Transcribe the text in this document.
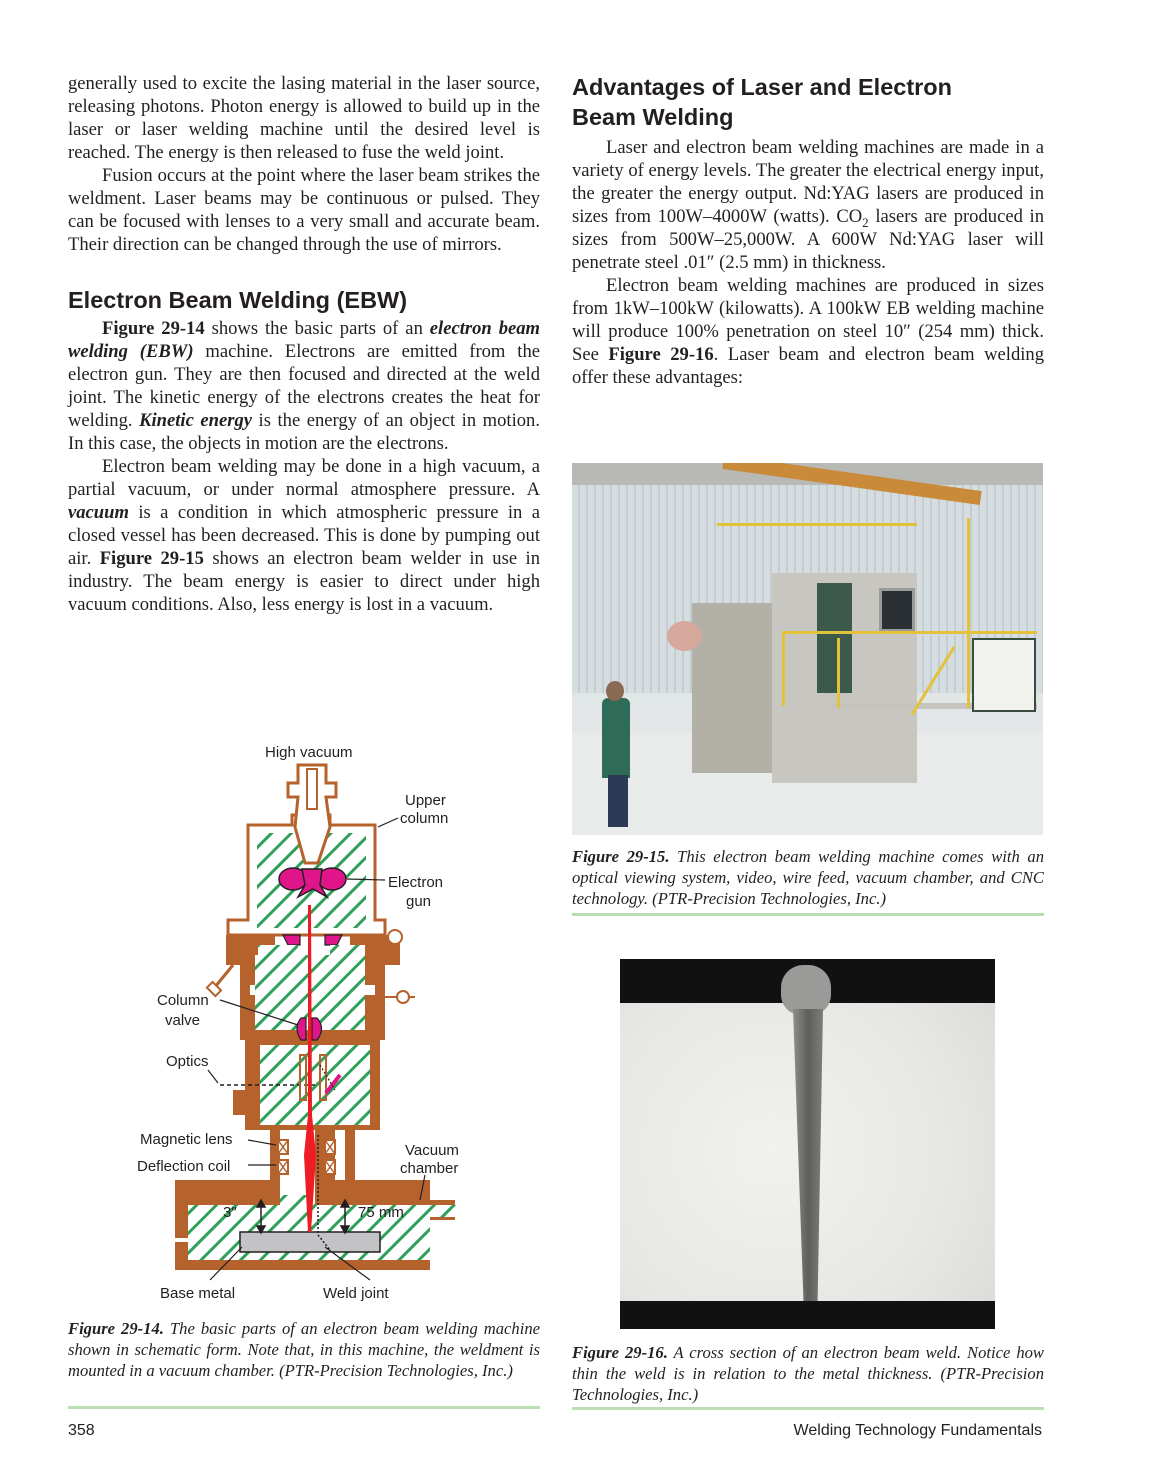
generally used to excite the lasing material in the laser source, releasing photons. Photon energy is allowed to build up in the laser or laser welding machine until the desired level is reached. The energy is then released to fuse the weld joint.

Fusion occurs at the point where the laser beam strikes the weldment. Laser beams may be continuous or pulsed. They can be focused with lenses to a very small and accurate beam. Their direction can be changed through the use of mirrors.

Electron Beam Welding (EBW)

Figure 29-14 shows the basic parts of an electron beam welding (EBW) machine. Electrons are emitted from the electron gun. They are then focused and directed at the weld joint. The kinetic energy of the electrons creates the heat for welding. Kinetic energy is the energy of an object in motion. In this case, the objects in motion are the electrons.

Electron beam welding may be done in a high vacuum, a partial vacuum, or under normal atmosphere pressure. A vacuum is a condition in which atmospheric pressure in a closed vessel has been decreased. This is done by pumping out air. Figure 29-15 shows an electron beam welder in use in industry. The beam energy is easier to direct under high vacuum conditions. Also, less energy is lost in a vacuum.

Advantages of Laser and Electron Beam Welding

Laser and electron beam welding machines are made in a variety of energy levels. The greater the electrical energy input, the greater the energy output. Nd:YAG lasers are produced in sizes from 100W–4000W (watts). $CO_2$ lasers are produced in sizes from 500W–25,000W. A 600W Nd:YAG laser will penetrate steel .01″ (2.5 mm) in thickness.

Electron beam welding machines are produced in sizes from 1kW–100kW (kilowatts). A 100kW EB welding machine will produce 100% penetration on steel 10″ (254 mm) thick. See Figure 29-16. Laser beam and electron beam welding offer these advantages:

High vacuum
Upper
column
Electron
gun
Column
valve
Optics
Magnetic lens
Deflection coil
Vacuum
chamber
3″	75 mm
Base metal	Weld joint
Figure 29-14. The basic parts of an electron beam welding machine shown in schematic form. Note that, in this machine, the weldment is mounted in a vacuum chamber. (PTR-Precision Technologies, Inc.)
Figure 29-15. This electron beam welding machine comes with an optical viewing system, video, wire feed, vacuum chamber, and CNC technology. (PTR-Precision Technologies, Inc.)
Figure 29-16. A cross section of an electron beam weld. Notice how thin the weld is in relation to the metal thickness. (PTR-Precision Technologies, Inc.)
358	Welding Technology Fundamentals
